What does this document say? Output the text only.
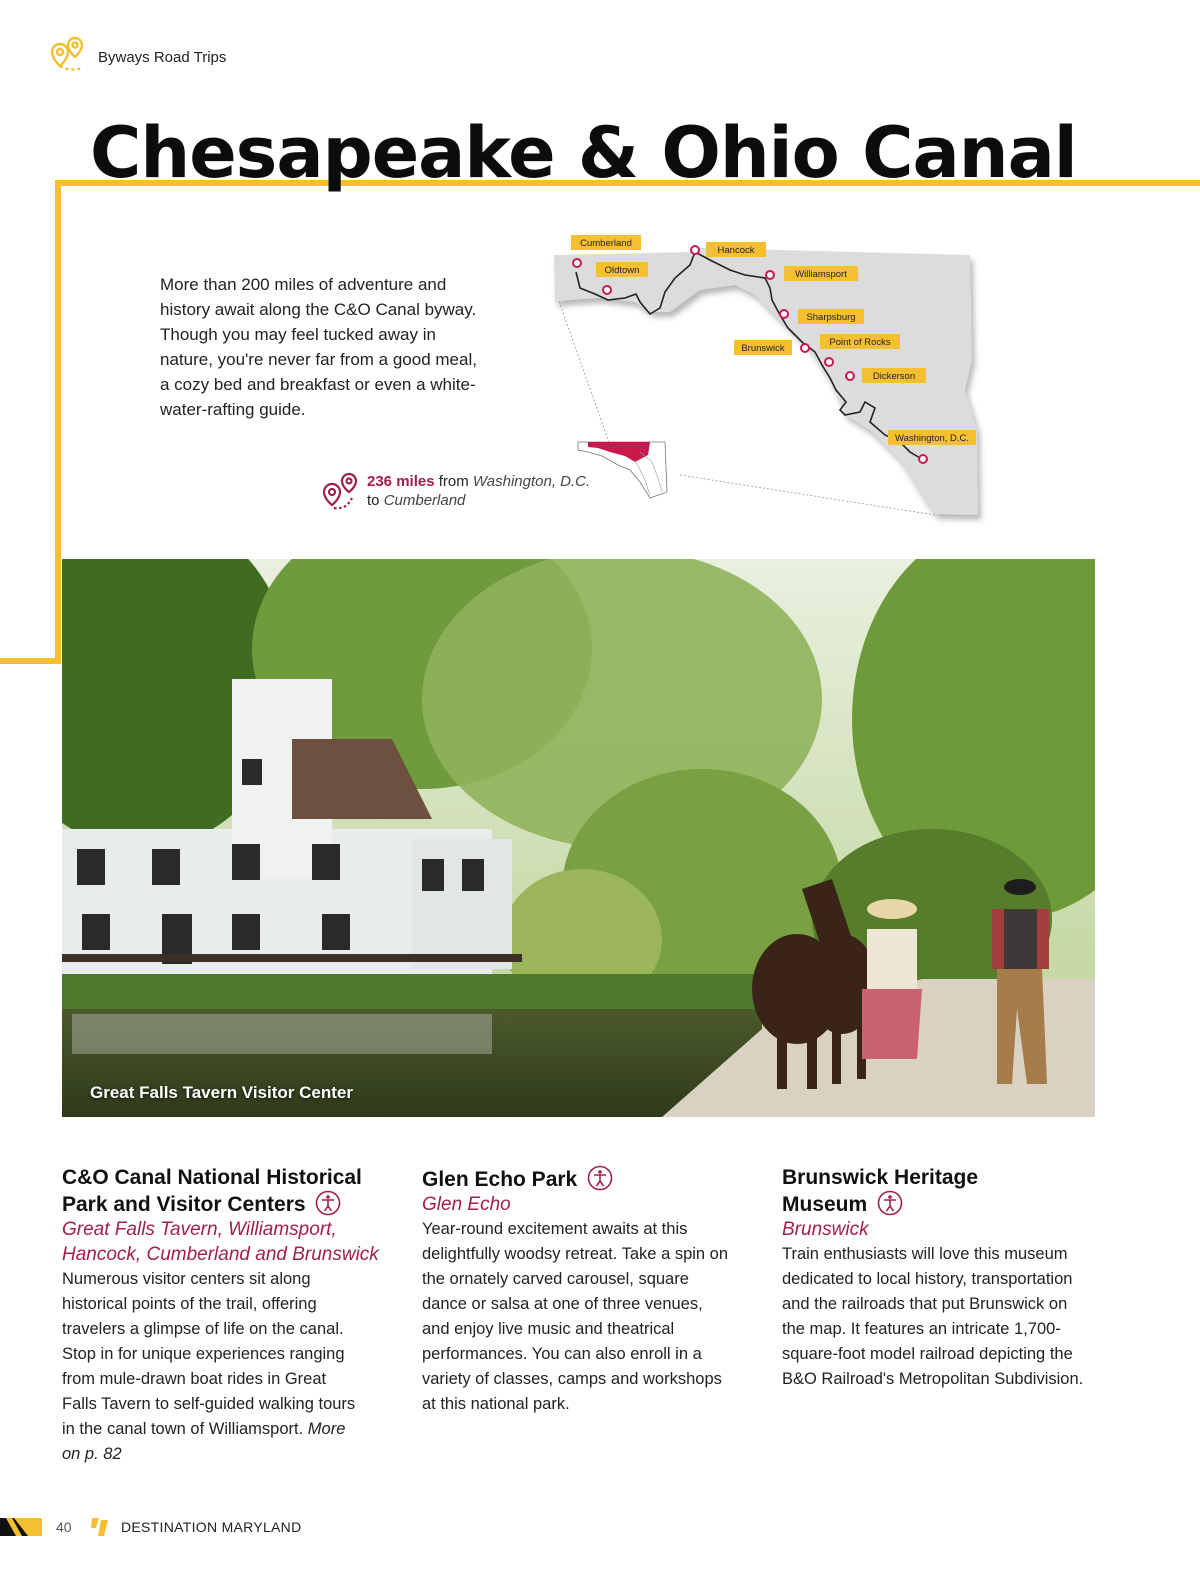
Byways Road Trips
Chesapeake & Ohio Canal
More than 200 miles of adventure and history await along the C&O Canal byway. Though you may feel tucked away in nature, you're never far from a good meal, a cozy bed and breakfast or even a white-water-rafting guide.
236 miles from Washington, D.C.
to Cumberland
Cumberland
Oldtown
Hancock
Williamsport
Sharpsburg
Brunswick
Point of Rocks
Dickerson
Washington, D.C.
Great Falls Tavern Visitor Center
C&O Canal National Historical
Park and Visitor Centers
Great Falls Tavern, Williamsport, Hancock, Cumberland and Brunswick

Numerous visitor centers sit along historical points of the trail, offering travelers a glimpse of life on the canal. Stop in for unique experiences ranging from mule-drawn boat rides in Great Falls Tavern to self-guided walking tours in the canal town of Williamsport. More on p. 82

Glen Echo Park
Glen Echo

Year-round excitement awaits at this delightfully woodsy retreat. Take a spin on the ornately carved carousel, square dance or salsa at one of three venues, and enjoy live music and theatrical performances. You can also enroll in a variety of classes, camps and workshops at this national park.

Brunswick Heritage
Museum
Brunswick

Train enthusiasts will love this museum dedicated to local history, transportation and the railroads that put Brunswick on the map. It features an intricate 1,700-square-foot model railroad depicting the B&O Railroad's Metropolitan Subdivision.

40	DESTINATION MARYLAND
